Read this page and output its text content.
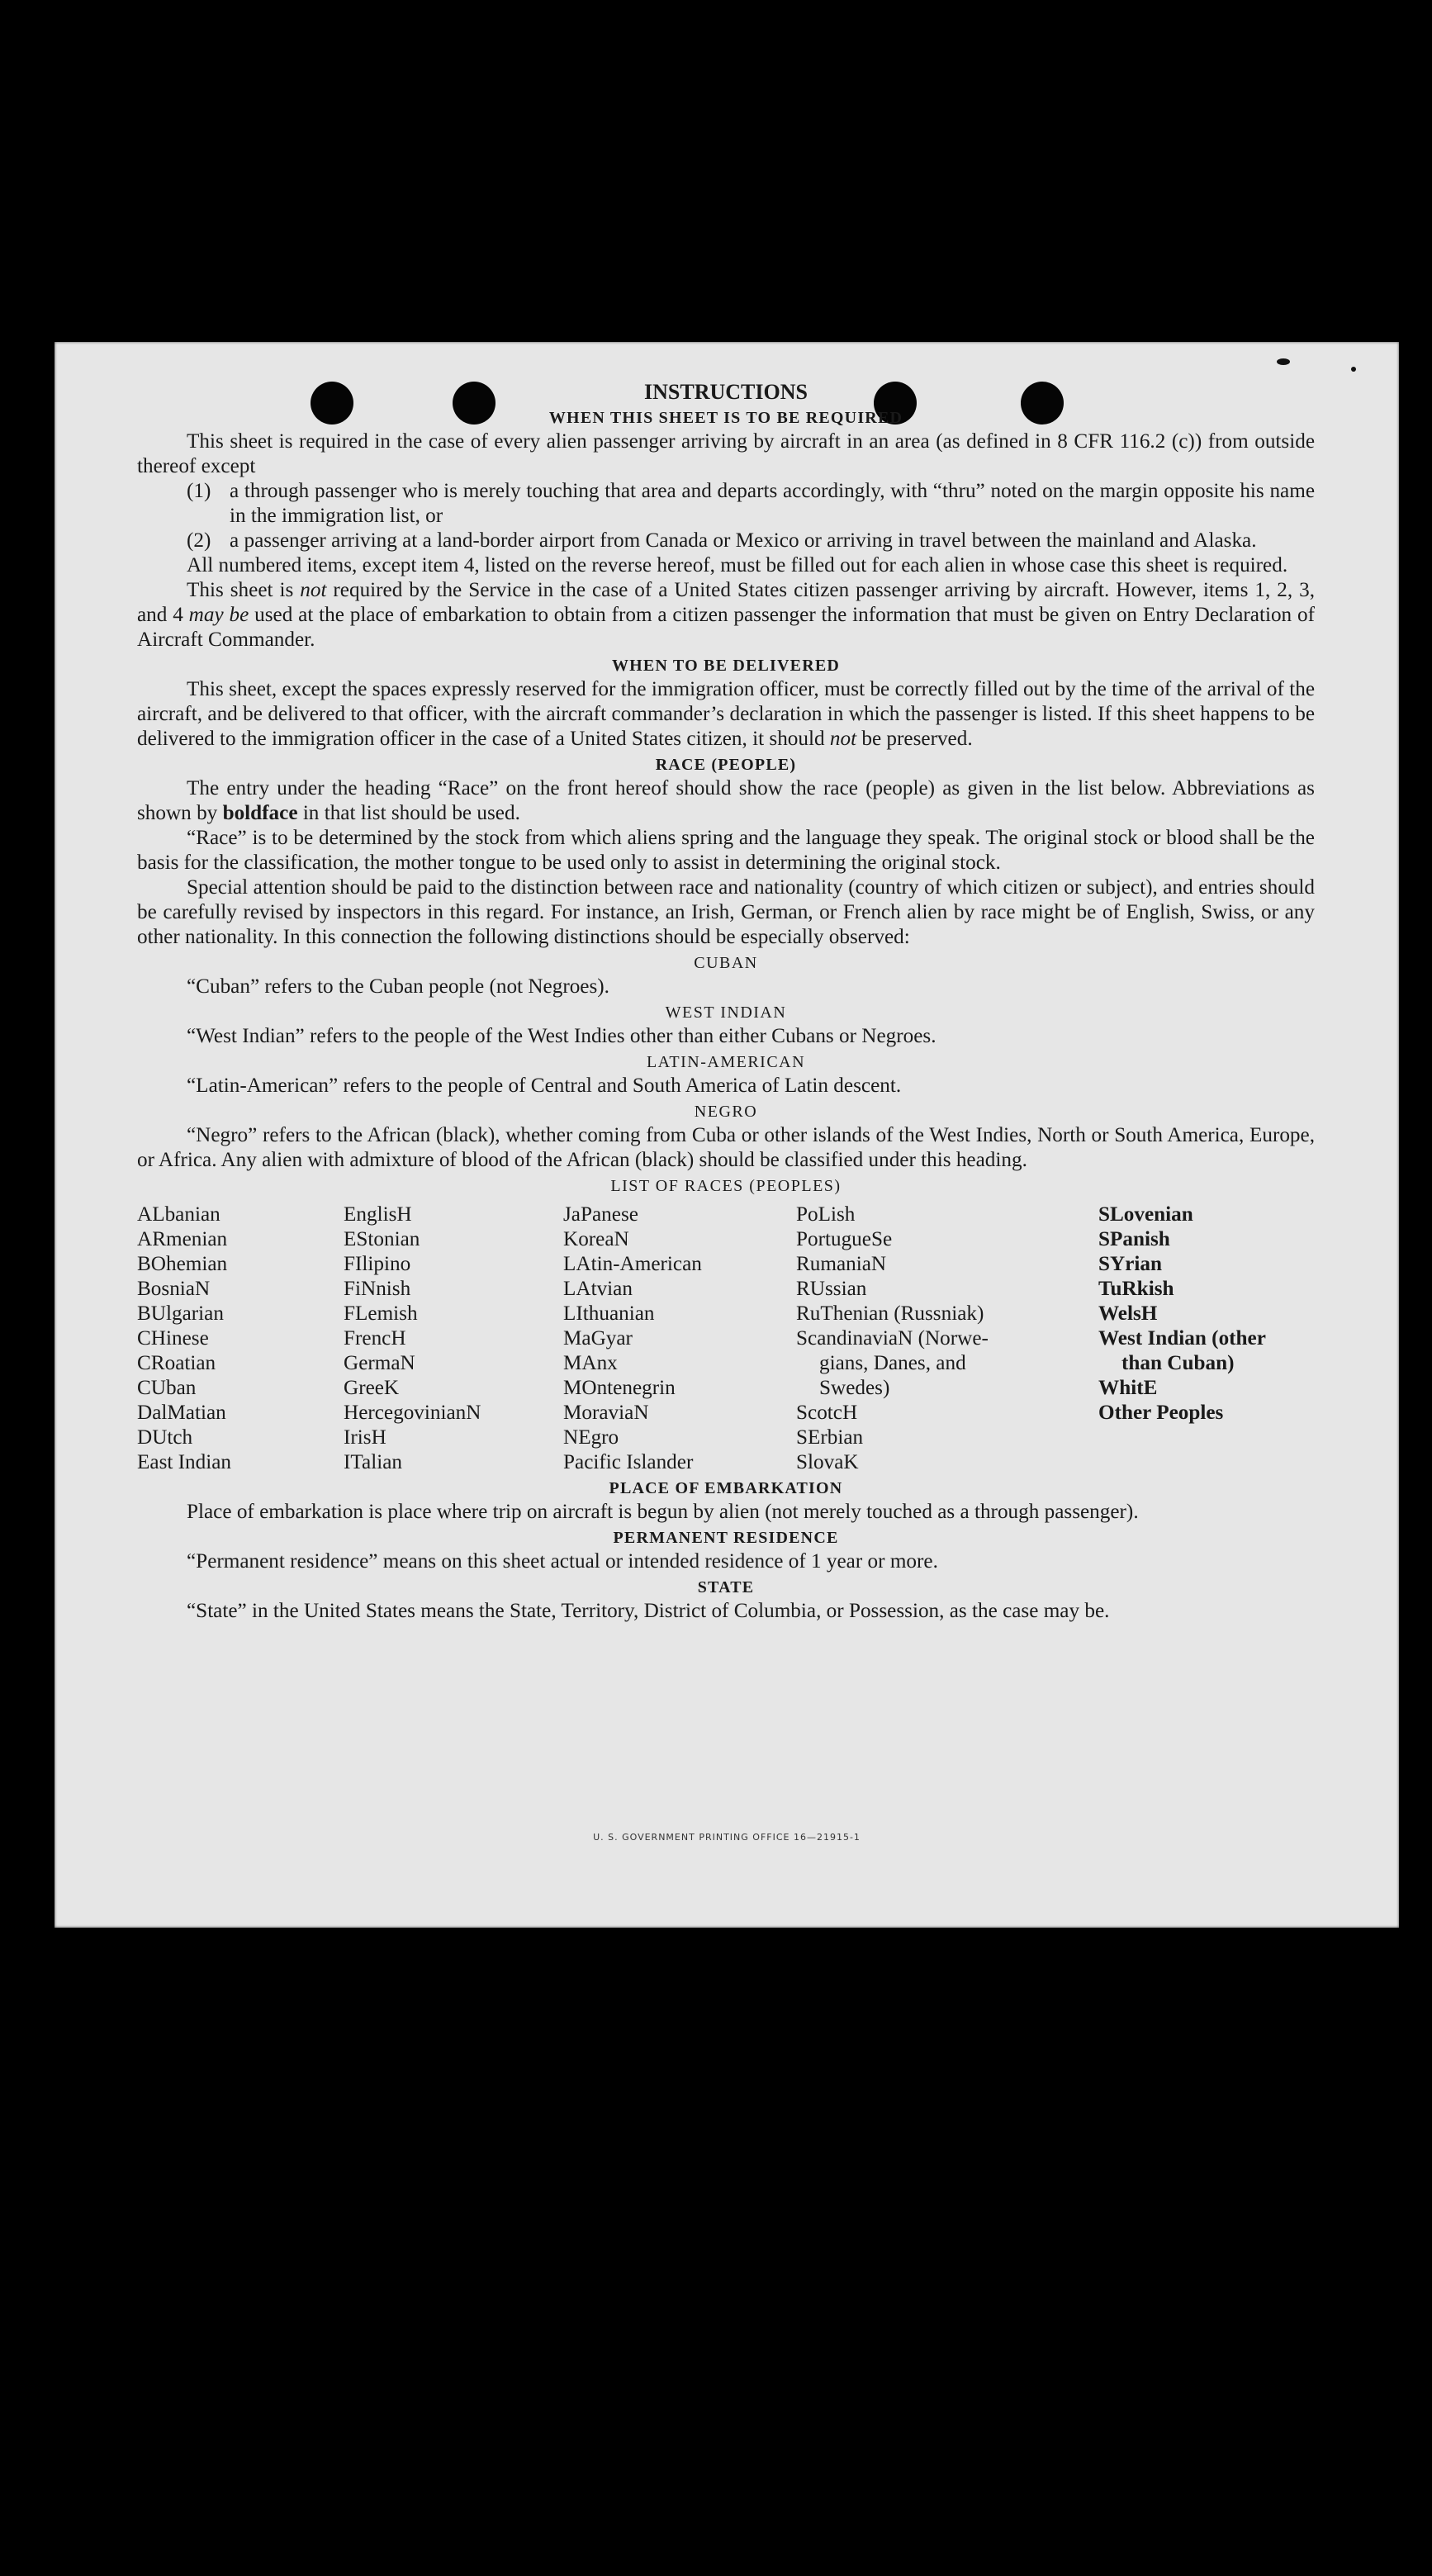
INSTRUCTIONS
WHEN THIS SHEET IS TO BE REQUIRED

This sheet is required in the case of every alien passenger arriving by aircraft in an area (as defined in 8 CFR 116.2 (c)) from outside thereof except

(1) a through passenger who is merely touching that area and departs accordingly, with “thru” noted on the margin opposite his name in the immigration list, or
(2) a passenger arriving at a land-border airport from Canada or Mexico or arriving in travel between the mainland and Alaska.

All numbered items, except item 4, listed on the reverse hereof, must be filled out for each alien in whose case this sheet is required.

This sheet is not required by the Service in the case of a United States citizen passenger arriving by aircraft. However, items 1, 2, 3, and 4 may be used at the place of embarkation to obtain from a citizen passenger the information that must be given on Entry Declaration of Aircraft Commander.

WHEN TO BE DELIVERED

This sheet, except the spaces expressly reserved for the immigration officer, must be correctly filled out by the time of the arrival of the aircraft, and be delivered to that officer, with the aircraft commander’s declaration in which the passenger is listed. If this sheet happens to be delivered to the immigration officer in the case of a United States citizen, it should not be preserved.

RACE (PEOPLE)

The entry under the heading “Race” on the front hereof should show the race (people) as given in the list below. Abbreviations as shown by boldface in that list should be used.

“Race” is to be determined by the stock from which aliens spring and the language they speak. The original stock or blood shall be the basis for the classification, the mother tongue to be used only to assist in determining the original stock.

Special attention should be paid to the distinction between race and nationality (country of which citizen or subject), and entries should be carefully revised by inspectors in this regard. For instance, an Irish, German, or French alien by race might be of English, Swiss, or any other nationality. In this connection the following distinctions should be especially observed:

CUBAN

“Cuban” refers to the Cuban people (not Negroes).

WEST INDIAN

“West Indian” refers to the people of the West Indies other than either Cubans or Negroes.

LATIN-AMERICAN

“Latin-American” refers to the people of Central and South America of Latin descent.

NEGRO

“Negro” refers to the African (black), whether coming from Cuba or other islands of the West Indies, North or South America, Europe, or Africa. Any alien with admixture of blood of the African (black) should be classified under this heading.

LIST OF RACES (PEOPLES)
ALbanian
ARmenian
BOhemian
BosniaN
BUlgarian
CHinese
CRoatian
CUban
DalMatian
DUtch
East Indian
EnglisH
EStonian
FIlipino
FiNnish
FLemish
FrencH
GermaN
GreeK
HercegovinianN
IrisH
ITalian
JaPanese
KoreaN
LAtin-American
LAtvian
LIthuanian
MaGyar
MAnx
MOntenegrin
MoraviaN
NEgro
Pacific Islander
PoLish
PortugueSe
RumaniaN
RUssian
RuThenian (Russniak)
ScandinaviaN (Norwe-
gians, Danes, and
Swedes)
ScotcH
SErbian
SlovaK
SLovenian
SPanish
SYrian
TuRkish
WelsH
West Indian (other
than Cuban)
WhitE
Other Peoples
PLACE OF EMBARKATION

Place of embarkation is place where trip on aircraft is begun by alien (not merely touched as a through passenger).

PERMANENT RESIDENCE

“Permanent residence” means on this sheet actual or intended residence of 1 year or more.

STATE

“State” in the United States means the State, Territory, District of Columbia, or Possession, as the case may be.

U. S. GOVERNMENT PRINTING OFFICE 16—21915-1
